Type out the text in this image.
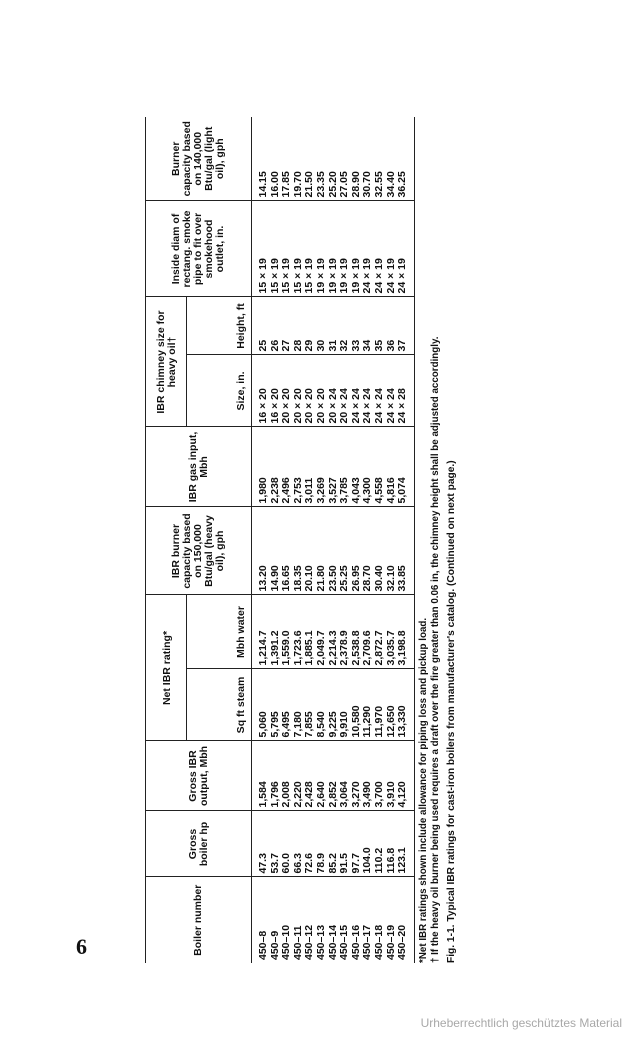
6	Boiler number	Gross boiler hp	Gross IBR output, Mbh	Net IBR rating*		IBR burner capacity based on 150,000 Btu/gal (heavy oil), gph	IBR gas input, Mbh	IBR chimney size for heavy oil†		Inside diam of rectang. smoke pipe to fit over smokehood outlet, in.	Burner capacity based on 140,000 Btu/gal (light oil), gph
			Sq ft steam	Mbh water			Size, in.	Height, ft		
450–8	47.3	1,584	5,060	1,214.7	13.20	1,980	16 × 20	25	15 × 19	14.15
450–9	53.7	1,796	5,795	1,391.2	14.90	2,238	16 × 20	26	15 × 19	16.00
450–10	60.0	2,008	6,495	1,559.0	16.65	2,496	20 × 20	27	15 × 19	17.85
450–11	66.3	2,220	7,180	1,723.6	18.35	2,753	20 × 20	28	15 × 19	19.70
450–12	72.6	2,428	7,855	1,885.1	20.10	3,011	20 × 20	29	15 × 19	21.50
450–13	78.9	2,640	8,540	2,049.7	21.80	3,269	20 × 20	30	19 × 19	23.35
450–14	85.2	2,852	9,225	2,214.3	23.50	3,527	20 × 24	31	19 × 19	25.20
450–15	91.5	3,064	9,910	2,378.9	25.25	3,785	20 × 24	32	19 × 19	27.05
450–16	97.7	3,270	10,580	2,538.8	26.95	4,043	24 × 24	33	19 × 19	28.90
450–17	104.0	3,490	11,290	2,709.6	28.70	4,300	24 × 24	34	24 × 19	30.70
450–18	110.2	3,700	11,970	2,872.7	30.40	4,558	24 × 24	35	24 × 19	32.55
450–19	116.8	3,910	12,650	3,035.7	32.10	4,816	24 × 24	36	24 × 19	34.40
450–20	123.1	4,120	13,330	3,198.8	33.85	5,074	24 × 28	37	24 × 19	36.25
*Net IBR ratings shown include allowance for piping loss and pickup load. † If the heavy oil burner being used requires a draft over the fire greater than 0.06 in, the chimney height shall be adjusted accordingly. Fig. 1-1. Typical IBR ratings for cast-iron boilers from manufacturer's catalog. (Continued on next page.)
Urheberrechtlich geschütztes Material
